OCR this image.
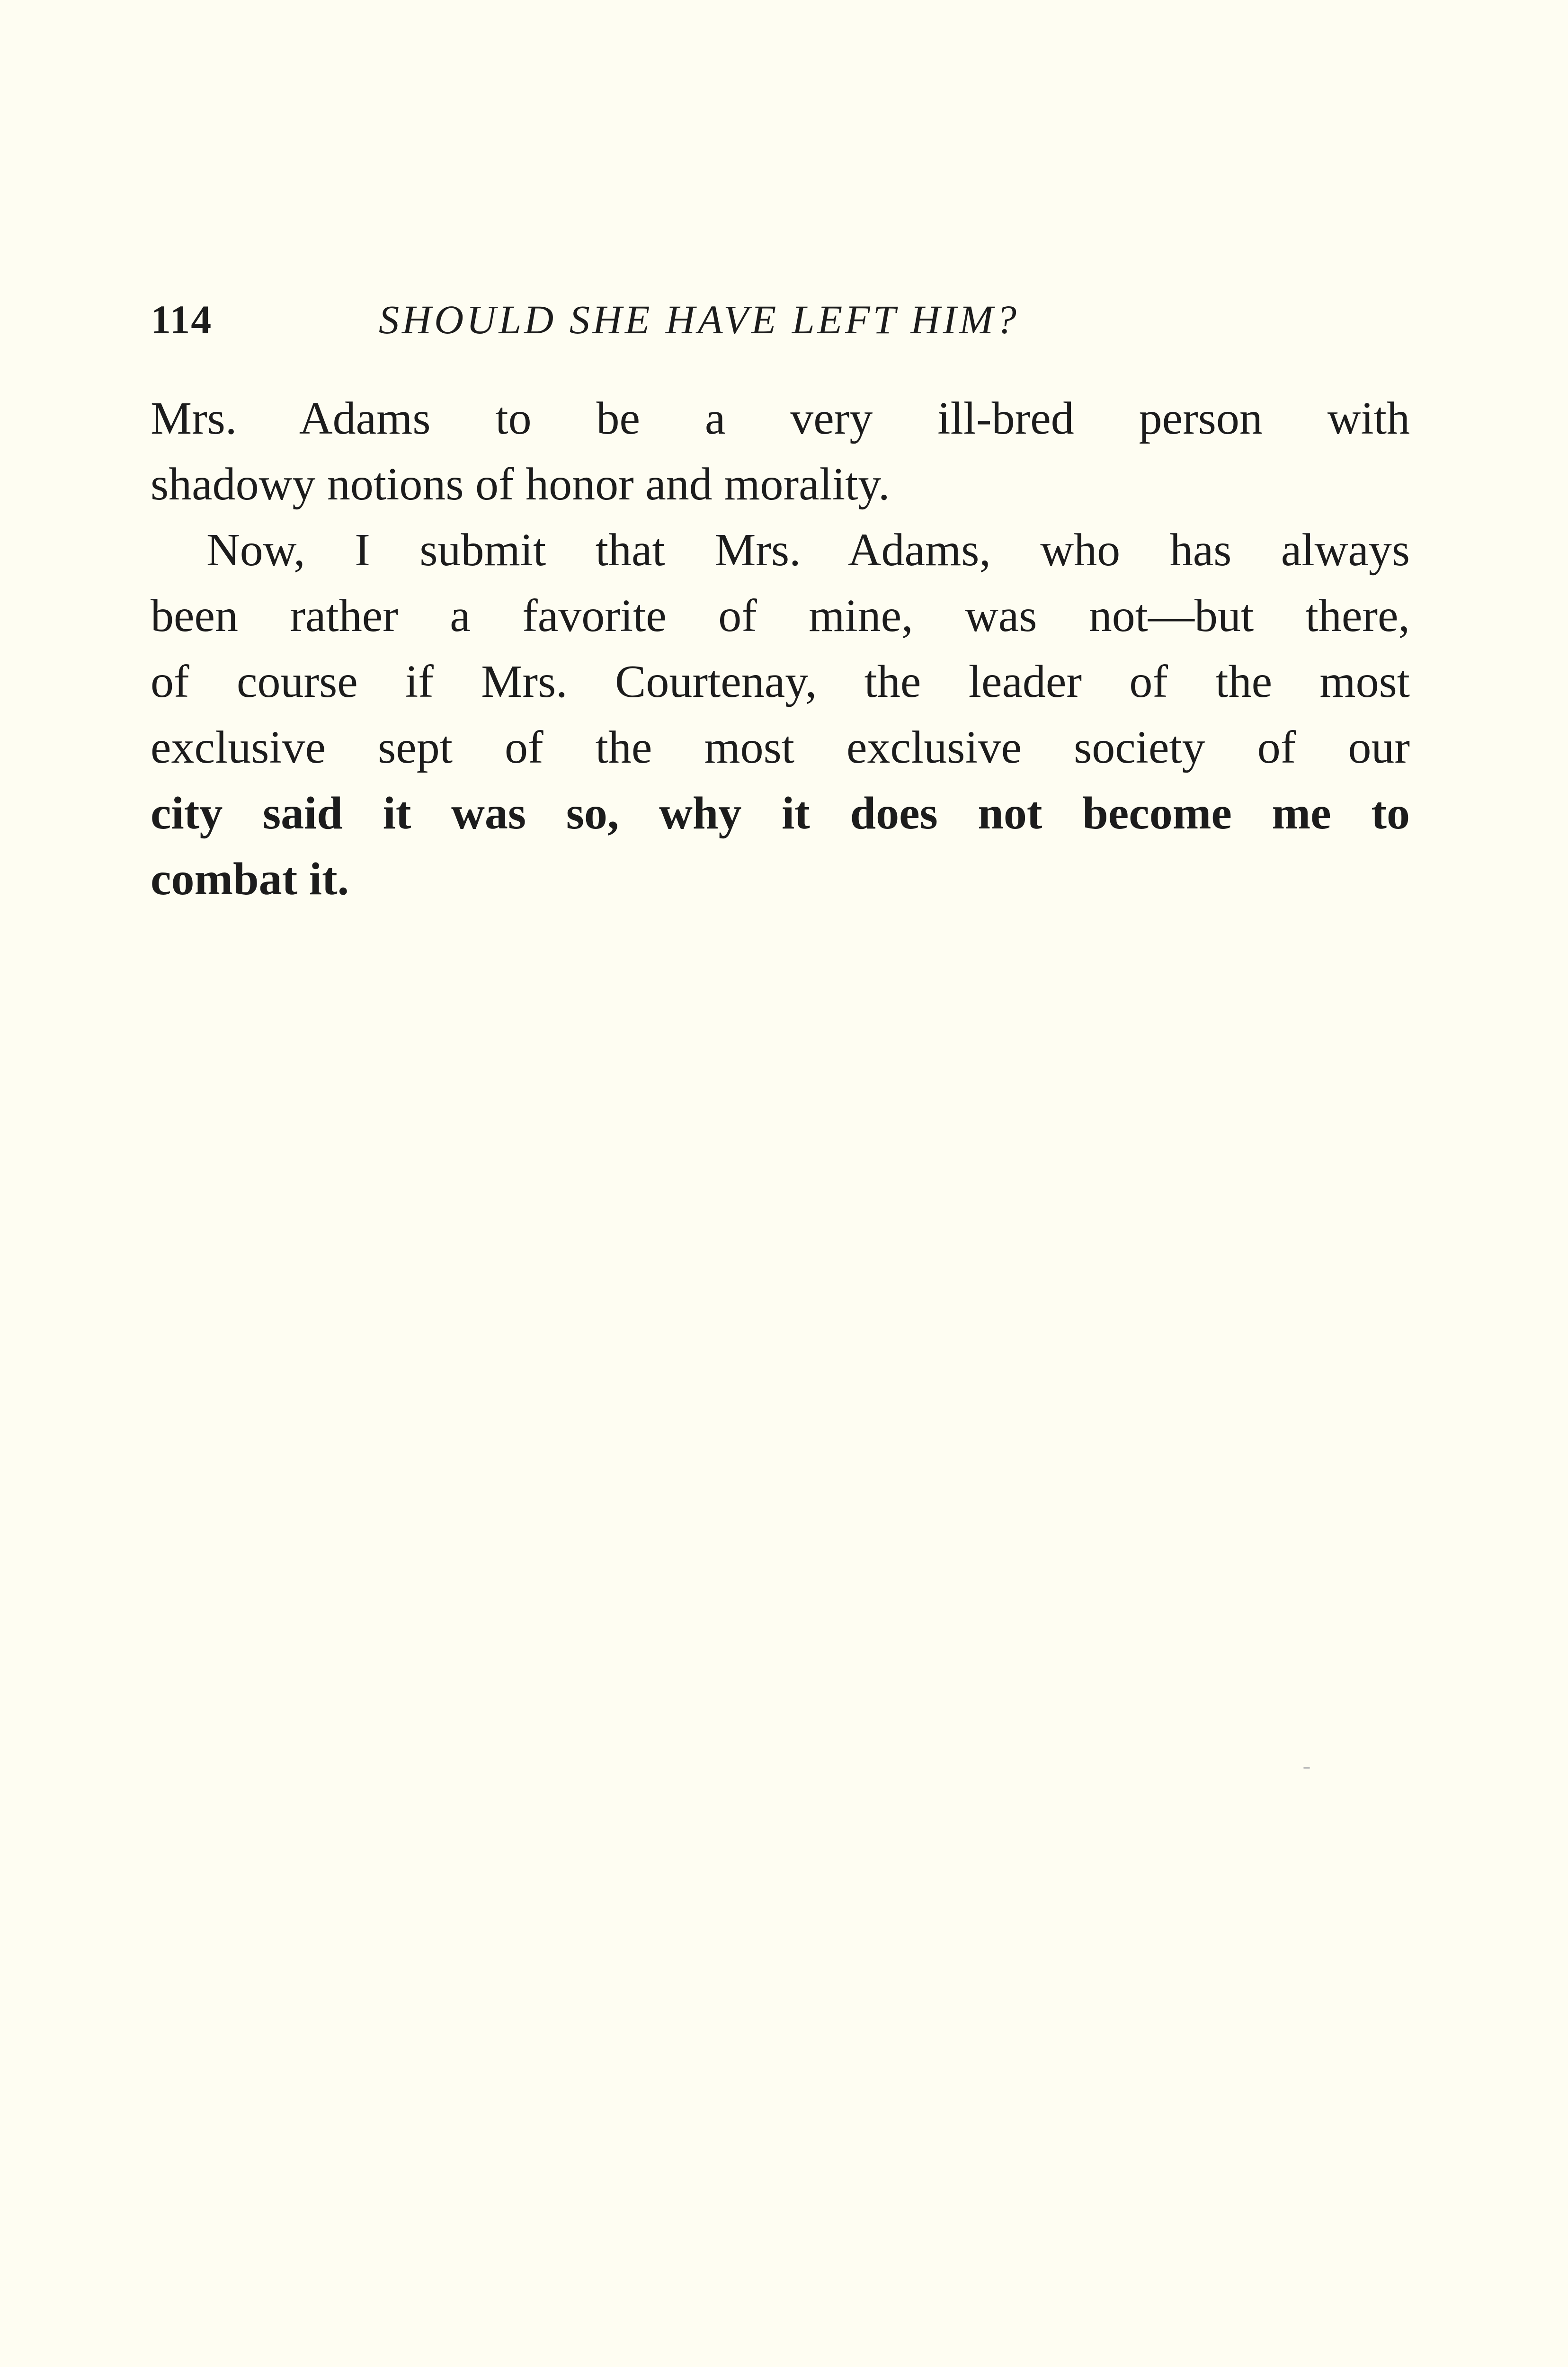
114	SHOULD SHE HAVE LEFT HIM?
Mrs. Adams to be a very ill-bred person with
shadowy notions of honor and morality.
Now, I submit that Mrs. Adams, who has always
been rather a favorite of mine, was not—but there,
of course if Mrs. Courtenay, the leader of the most
exclusive sept of the most exclusive society of our
city said it was so, why it does not become me to
combat it.
